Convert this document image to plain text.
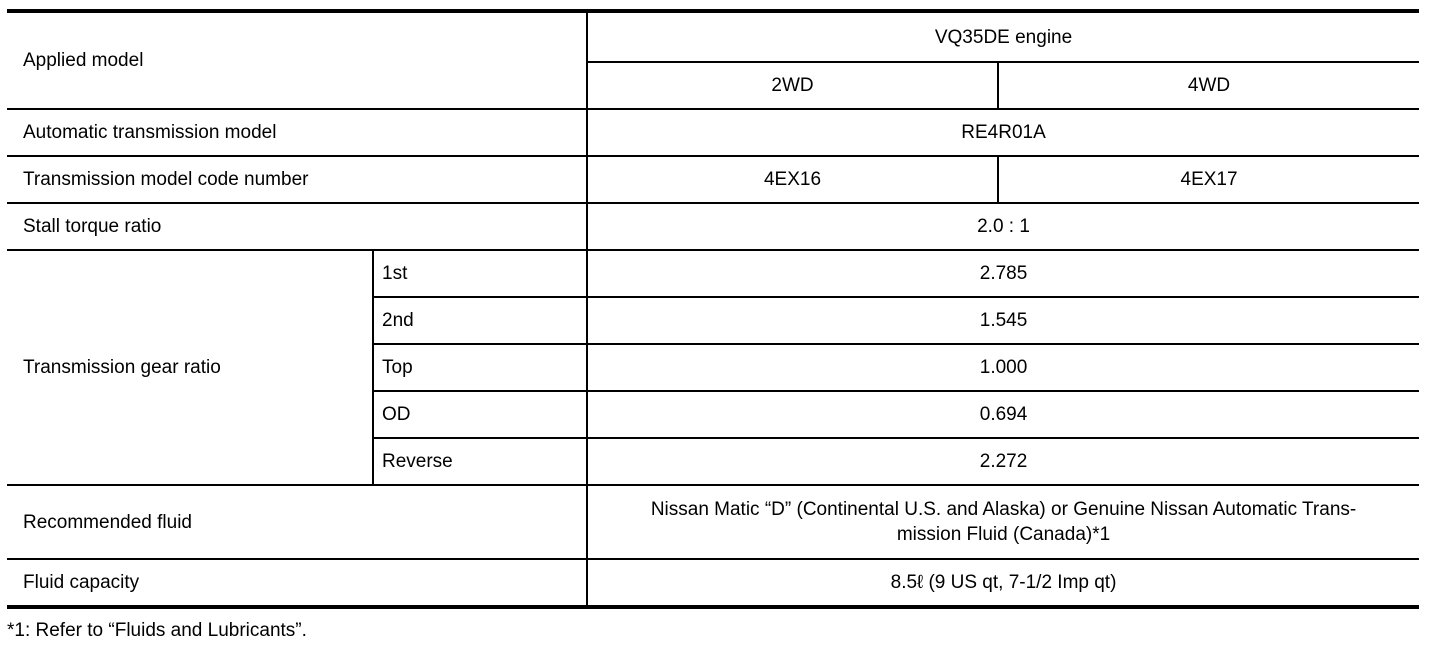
Applied model		VQ35DE engine	
		2WD	4WD
Automatic transmission model		RE4R01A	
Transmission model code number		4EX16	4EX17
Stall torque ratio		2.0 : 1	
Transmission gear ratio	1st	2.785	
	2nd	1.545	
	Top	1.000	
	OD	0.694	
	Reverse	2.272	
Recommended fluid		Nissan Matic “D” (Continental U.S. and Alaska) or Genuine Nissan Automatic Trans-
mission Fluid (Canada)*1	

Fluid capacity		8.5ℓ (9 US qt, 7-1/2 Imp qt)	
*1: Refer to “Fluids and Lubricants”.
